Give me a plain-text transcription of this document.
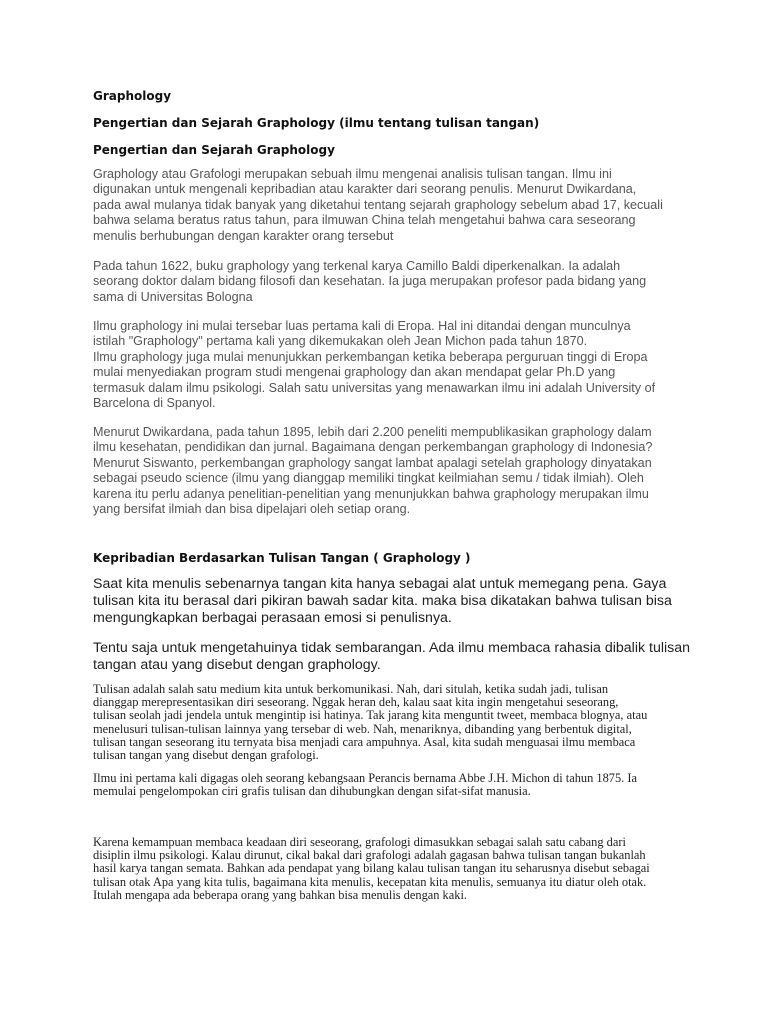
Graphology
Pengertian dan Sejarah Graphology (ilmu tentang tulisan tangan)
Pengertian dan Sejarah Graphology

Graphology atau Grafologi merupakan sebuah ilmu mengenai analisis tulisan tangan. Ilmu ini
digunakan untuk mengenali kepribadian atau karakter dari seorang penulis. Menurut Dwikardana,
pada awal mulanya tidak banyak yang diketahui tentang sejarah graphology sebelum abad 17, kecuali
bahwa selama beratus ratus tahun, para ilmuwan China telah mengetahui bahwa cara seseorang
menulis berhubungan dengan karakter orang tersebut

Pada tahun 1622, buku graphology yang terkenal karya Camillo Baldi diperkenalkan. Ia adalah
seorang doktor dalam bidang filosofi dan kesehatan. Ia juga merupakan profesor pada bidang yang
sama di Universitas Bologna

Ilmu graphology ini mulai tersebar luas pertama kali di Eropa. Hal ini ditandai dengan munculnya
istilah "Graphology" pertama kali yang dikemukakan oleh Jean Michon pada tahun 1870.
Ilmu graphology juga mulai menunjukkan perkembangan ketika beberapa perguruan tinggi di Eropa
mulai menyediakan program studi mengenai graphology dan akan mendapat gelar Ph.D yang
termasuk dalam ilmu psikologi. Salah satu universitas yang menawarkan ilmu ini adalah University of
Barcelona di Spanyol.

Menurut Dwikardana, pada tahun 1895, lebih dari 2.200 peneliti mempublikasikan graphology dalam
ilmu kesehatan, pendidikan dan jurnal. Bagaimana dengan perkembangan graphology di Indonesia?
Menurut Siswanto, perkembangan graphology sangat lambat apalagi setelah graphology dinyatakan
sebagai pseudo science (ilmu yang dianggap memiliki tingkat keilmiahan semu / tidak ilmiah). Oleh
karena itu perlu adanya penelitian-penelitian yang menunjukkan bahwa graphology merupakan ilmu
yang bersifat ilmiah dan bisa dipelajari oleh setiap orang.

Kepribadian Berdasarkan Tulisan Tangan ( Graphology )

Saat kita menulis sebenarnya tangan kita hanya sebagai alat untuk memegang pena. Gaya
tulisan kita itu berasal dari pikiran bawah sadar kita. maka bisa dikatakan bahwa tulisan bisa
mengungkapkan berbagai perasaan emosi si penulisnya.

Tentu saja untuk mengetahuinya tidak sembarangan. Ada ilmu membaca rahasia dibalik tulisan
tangan atau yang disebut dengan graphology.

Tulisan adalah salah satu medium kita untuk berkomunikasi. Nah, dari situlah, ketika sudah jadi, tulisan
dianggap merepresentasikan diri seseorang. Nggak heran deh, kalau saat kita ingin mengetahui seseorang,
tulisan seolah jadi jendela untuk mengintip isi hatinya. Tak jarang kita menguntit tweet, membaca blognya, atau
menelusuri tulisan-tulisan lainnya yang tersebar di web. Nah, menariknya, dibanding yang berbentuk digital,
tulisan tangan seseorang itu ternyata bisa menjadi cara ampuhnya. Asal, kita sudah menguasai ilmu membaca
tulisan tangan yang disebut dengan grafologi.

Ilmu ini pertama kali digagas oleh seorang kebangsaan Perancis bernama Abbe J.H. Michon di tahun 1875. Ia
memulai pengelompokan ciri grafis tulisan dan dihubungkan dengan sifat-sifat manusia.

Karena kemampuan membaca keadaan diri seseorang, grafologi dimasukkan sebagai salah satu cabang dari
disiplin ilmu psikologi. Kalau dirunut, cikal bakal dari grafologi adalah gagasan bahwa tulisan tangan bukanlah
hasil karya tangan semata. Bahkan ada pendapat yang bilang kalau tulisan tangan itu seharusnya disebut sebagai
tulisan otak Apa yang kita tulis, bagaimana kita menulis, kecepatan kita menulis, semuanya itu diatur oleh otak.
Itulah mengapa ada beberapa orang yang bahkan bisa menulis dengan kaki.
